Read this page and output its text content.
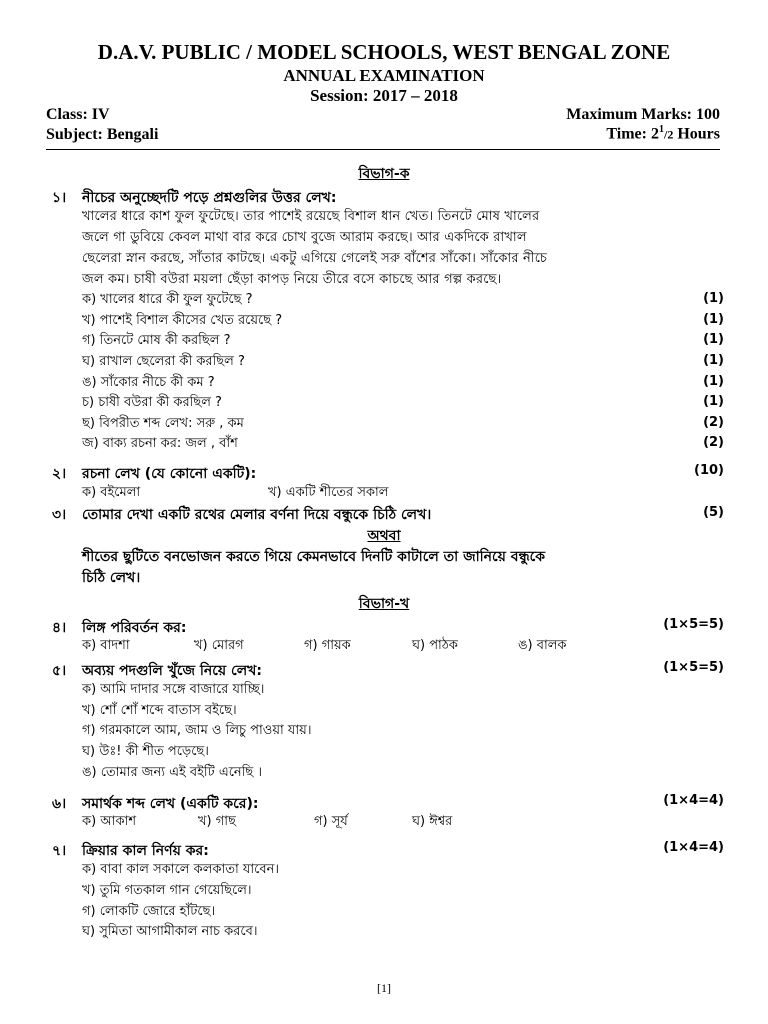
D.A.V. PUBLIC / MODEL SCHOOLS, WEST BENGAL ZONE
ANNUAL EXAMINATION
Session: 2017 – 2018
Class: IV
Subject: Bengali
Maximum Marks: 100
Time: $2^1/2$ Hours
বিভাগ-ক
১। নীচের অনুচ্ছেদটি পড়ে প্রশ্নগুলির উত্তর লেখ:
খালের ধারে কাশ ফুল ফুটেছে। তার পাশেই রয়েছে বিশাল ধান খেত। তিনটে মোষ খালের
জলে গা ডুবিয়ে কেবল মাথা বার করে চোখ বুজে আরাম করছে। আর একদিকে রাখাল
ছেলেরা স্নান করছে, সাঁতার কাটছে। একটু এগিয়ে গেলেই সরু বাঁশের সাঁকো। সাঁকোর নীচে
জল কম। চাষী বউরা ময়লা ছেঁড়া কাপড় নিয়ে তীরে বসে কাচছে আর গল্প করছে।
ক) খালের ধারে কী ফুল ফুটেছে ?	(1)
খ) পাশেই বিশাল কীসের খেত রয়েছে ?	(1)
গ) তিনটে মোষ কী করছিল ?	(1)
ঘ) রাখাল ছেলেরা কী করছিল ?	(1)
ঙ) সাঁকোর নীচে কী কম ?	(1)
চ) চাষী বউরা কী করছিল ?	(1)
ছ) বিপরীত শব্দ লেখ: সরু , কম	(2)
জ) বাক্য রচনা কর: জল , বাঁশ	(2)
২। রচনা লেখ (যে কোনো একটি):	(10)
ক) বইমেলা	খ) একটি শীতের সকাল
৩। তোমার দেখা একটি রথের মেলার বর্ণনা দিয়ে বন্ধুকে চিঠি লেখ।	(5)
অথবা
শীতের ছুটিতে বনভোজন করতে গিয়ে কেমনভাবে দিনটি কাটালে তা জানিয়ে বন্ধুকে
চিঠি লেখ।
বিভাগ-খ
৪। লিঙ্গ পরিবর্তন কর:	(1×5=5)
ক) বাদশা	খ) মোরগ	গ) গায়ক	ঘ) পাঠক	ঙ) বালক
৫। অব্যয় পদগুলি খুঁজে নিয়ে লেখ:	(1×5=5)
ক) আমি দাদার সঙ্গে বাজারে যাচ্ছি।
খ) শোঁ শোঁ শব্দে বাতাস বইছে।
গ) গরমকালে আম, জাম ও লিচু পাওয়া যায়।
ঘ) উঃ! কী শীত পড়েছে।
ঙ) তোমার জন্য এই বইটি এনেছি ।
৬। সমার্থক শব্দ লেখ (একটি করে):	(1×4=4)
ক) আকাশ	খ) গাছ	গ) সূর্য	ঘ) ঈশ্বর
৭। ক্রিয়ার কাল নির্ণয় কর:	(1×4=4)
ক) বাবা কাল সকালে কলকাতা যাবেন।
খ) তুমি গতকাল গান গেয়েছিলে।
গ) লোকটি জোরে হাঁটছে।
ঘ) সুমিতা আগামীকাল নাচ করবে।
[1]
